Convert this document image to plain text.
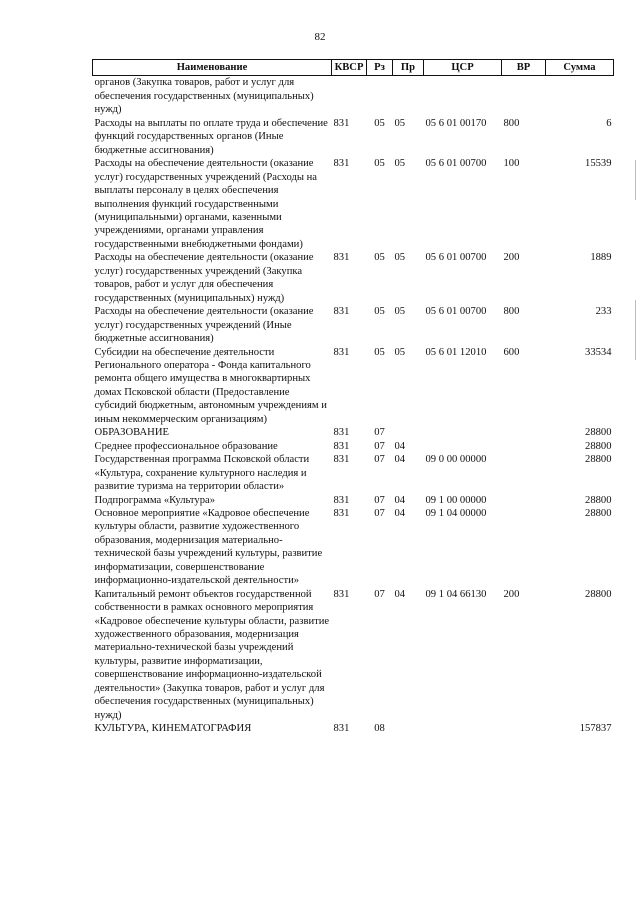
82
Наименование	КВСР	Рз	Пр	ЦСР	ВР	Сумма
органов (Закупка товаров, работ и услуг для обеспечения государственных (муниципальных) нужд)						
Расходы на выплаты по оплате труда и обеспечение функций государственных органов (Иные бюджетные ассигнования)	831	05	05	05 6 01 00170	800	6
Расходы на обеспечение деятельности (оказание услуг) государственных учреждений (Расходы на выплаты персоналу в целях обеспечения выполнения функций государственными (муниципальными) органами, казенными учреждениями, органами управления государственными внебюджетными фондами)	831	05	05	05 6 01 00700	100	15539
Расходы на обеспечение деятельности (оказание услуг) государственных учреждений (Закупка товаров, работ и услуг для обеспечения государственных (муниципальных) нужд)	831	05	05	05 6 01 00700	200	1889
Расходы на обеспечение деятельности (оказание услуг) государственных учреждений (Иные бюджетные ассигнования)	831	05	05	05 6 01 00700	800	233
Субсидии на обеспечение деятельности Регионального оператора - Фонда капитального ремонта общего имущества в многоквартирных домах Псковской области (Предоставление субсидий бюджетным, автономным учреждениям и иным некоммерческим организациям)	831	05	05	05 6 01 12010	600	33534
ОБРАЗОВАНИЕ	831	07				28800
Среднее профессиональное образование	831	07	04			28800
Государственная программа Псковской области «Культура, сохранение культурного наследия и развитие туризма на территории области»	831	07	04	09 0 00 00000		28800
Подпрограмма «Культура»	831	07	04	09 1 00 00000		28800
Основное мероприятие «Кадровое обеспечение культуры области, развитие художественного образования, модернизация материально-технической базы учреждений культуры, развитие информатизации, совершенствование информационно-издательской деятельности»	831	07	04	09 1 04 00000		28800
Капитальный ремонт объектов государственной собственности в рамках основного мероприятия «Кадровое обеспечение культуры области, развитие художественного образования, модернизация материально-технической базы учреждений культуры, развитие информатизации, совершенствование информационно-издательской деятельности» (Закупка товаров, работ и услуг для обеспечения государственных (муниципальных) нужд)	831	07	04	09 1 04 66130	200	28800
КУЛЬТУРА, КИНЕМАТОГРАФИЯ	831	08				157837
